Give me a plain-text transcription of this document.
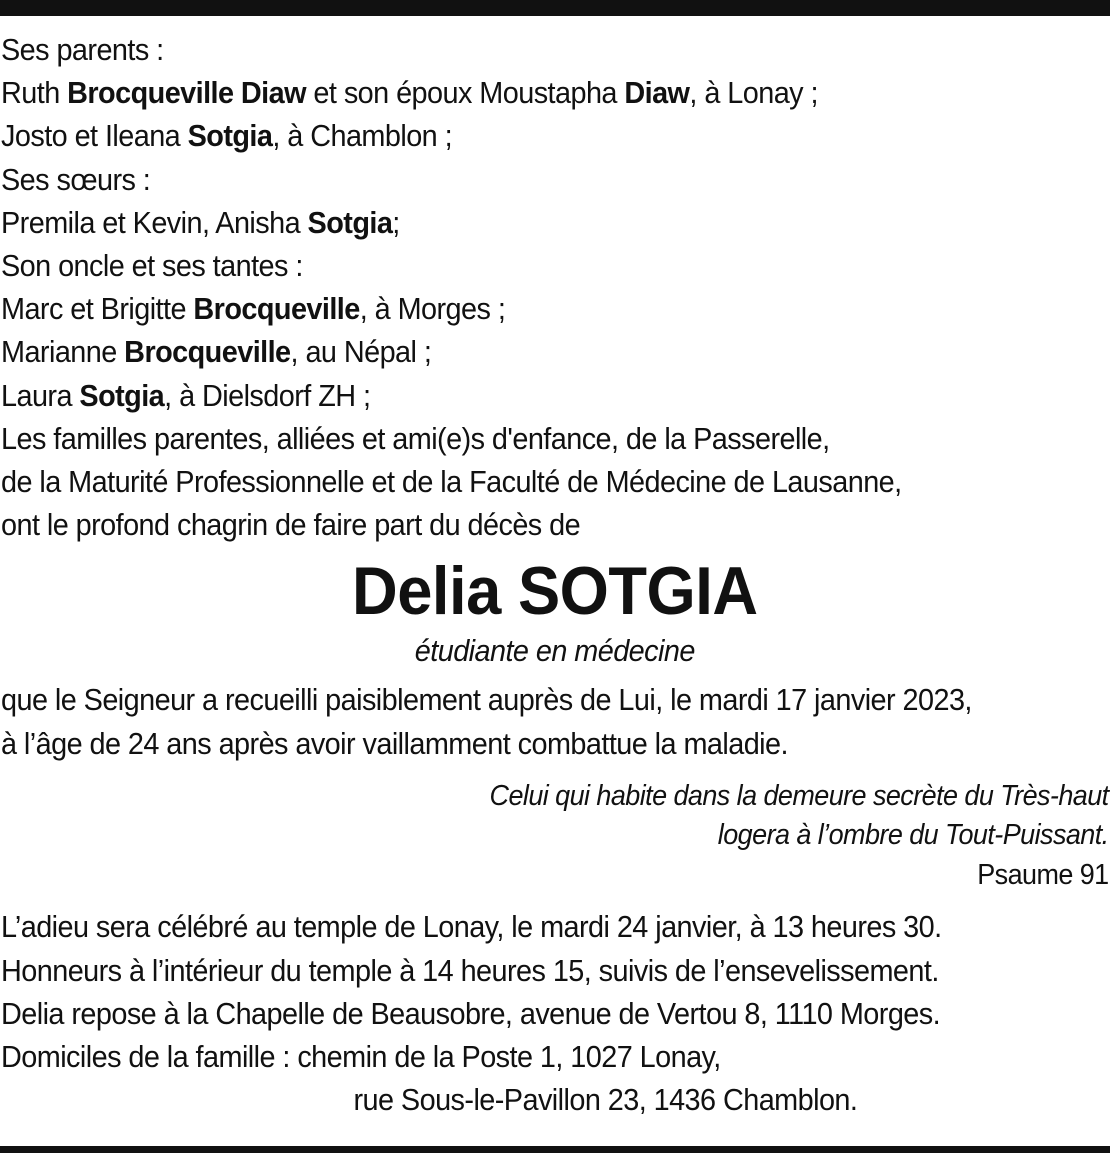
Ses parents :
Ruth Brocqueville Diaw et son époux Moustapha Diaw, à Lonay ;
Josto et Ileana Sotgia, à Chamblon ;
Ses sœurs :
Premila et Kevin, Anisha Sotgia;
Son oncle et ses tantes :
Marc et Brigitte Brocqueville, à Morges ;
Marianne Brocqueville, au Népal ;
Laura Sotgia, à Dielsdorf ZH ;
Les familles parentes, alliées et ami(e)s d'enfance, de la Passerelle,
de la Maturité Professionnelle et de la Faculté de Médecine de Lausanne,
ont le profond chagrin de faire part du décès de
Delia SOTGIA
étudiante en médecine
que le Seigneur a recueilli paisiblement auprès de Lui, le mardi 17 janvier 2023,
à l’âge de 24 ans après avoir vaillamment combattue la maladie.
Celui qui habite dans la demeure secrète du Très-haut
logera à l’ombre du Tout-Puissant.
Psaume 91
L’adieu sera célébré au temple de Lonay, le mardi 24 janvier, à 13 heures 30.
Honneurs à l’intérieur du temple à 14 heures 15, suivis de l’ensevelissement.
Delia repose à la Chapelle de Beausobre, avenue de Vertou 8, 1110 Morges.
Domiciles de la famille : chemin de la Poste 1, 1027 Lonay,
rue Sous-le-Pavillon 23, 1436 Chamblon.
